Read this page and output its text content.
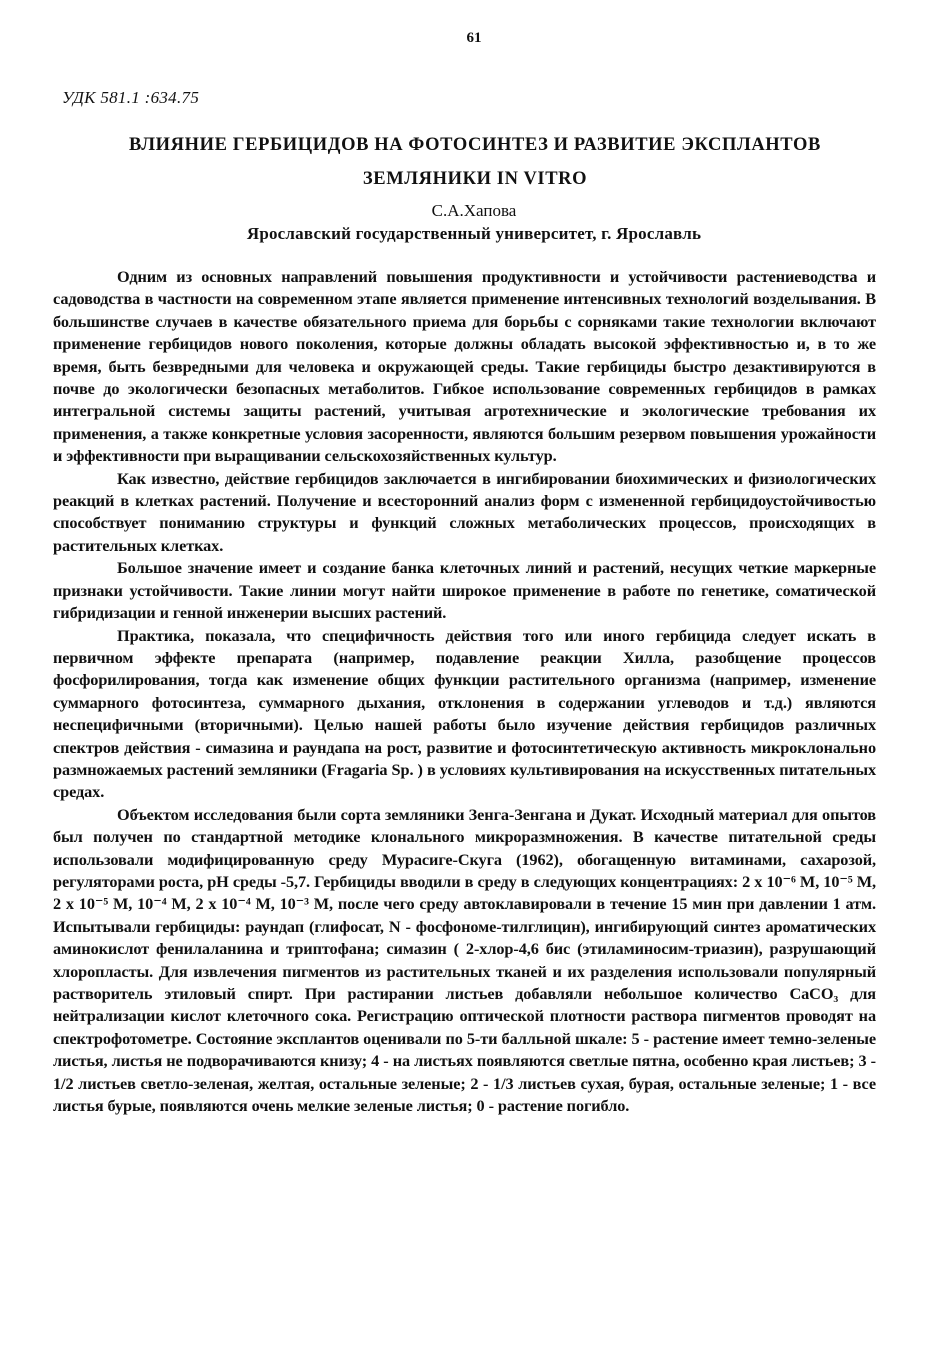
61
УДК 581.1 :634.75
ВЛИЯНИЕ ГЕРБИЦИДОВ НА ФОТОСИНТЕЗ И РАЗВИТИЕ ЭКСПЛАНТОВ
ЗЕМЛЯНИКИ IN VITRO
С.А.Хапова
Ярославский государственный университет, г. Ярославль

Одним из основных направлений повышения продуктивности и устойчивости растениеводства и садоводства в частности на современном этапе является применение интенсивных технологий возделывания. В большинстве случаев в качестве обязательного приема для борьбы с сорняками такие технологии включают применение гербицидов нового поколения, которые должны обладать высокой эффективностью и, в то же время, быть безвредными для человека и окружающей среды. Такие гербициды быстро дезактивируются в почве до экологически безопасных метаболитов. Гибкое использование современных гербицидов в рамках интегральной системы защиты растений, учитывая агротехнические и экологические требования их применения, а также конкретные условия засоренности, являются большим резервом повышения урожайности и эффективности при выращивании сельскохозяйственных культур.

Как известно, действие гербицидов заключается в ингибировании биохимических и физиологических реакций в клетках растений. Получение и всесторонний анализ форм с измененной гербицидоустойчивостью способствует пониманию структуры и функций сложных метаболических процессов, происходящих в растительных клетках.

Большое значение имеет и создание банка клеточных линий и растений, несущих четкие маркерные признаки устойчивости. Такие линии могут найти широкое применение в работе по генетике, соматической гибридизации и генной инженерии высших растений.

Практика, показала, что специфичность действия того или иного гербицида следует искать в первичном эффекте препарата (например, подавление реакции Хилла, разобщение процессов фосфорилирования, тогда как изменение общих функции растительного организма (например, изменение суммарного фотосинтеза, суммарного дыхания, отклонения в содержании углеводов и т.д.) являются неспецифичными (вторичными). Целью нашей работы было изучение действия гербицидов различных спектров действия - симазина и раундапа на рост, развитие и фотосинтетическую активность микроклонально размножаемых растений земляники (Fragaria Sp. ) в условиях культивирования на искусственных питательных средах.

Объектом исследования были сорта земляники Зенга-Зенгана и Дукат. Исходный материал для опытов был получен по стандартной методике клонального микроразмножения. В качестве питательной среды использовали модифицированную среду Мурасиге-Скуга (1962), обогащенную витаминами, сахарозой, регуляторами роста, pH среды -5,7. Гербициды вводили в среду в следующих концентрациях: 2 х 10⁻⁶ М, 10⁻⁵ М, 2 х 10⁻⁵ М, 10⁻⁴ М, 2 х 10⁻⁴ М, 10⁻³ М, после чего среду автоклавировали в течение 15 мин при давлении 1 атм. Испытывали гербициды: раундап (глифосат, N - фосфономе-тилглицин), ингибирующий синтез ароматических аминокислот фенилаланина и триптофана; симазин ( 2-хлор-4,6 бис (этиламиносим-триазин), разрушающий хлоропласты. Для извлечения пигментов из растительных тканей и их разделения использовали популярный растворитель этиловый спирт. При растирании листьев добавляли небольшое количество CaCO₃ для нейтрализации кислот клеточного сока. Регистрацию оптической плотности раствора пигментов проводят на спектрофотометре. Состояние эксплантов оценивали по 5-ти балльной шкале: 5 - растение имеет темно-зеленые листья, листья не подворачиваются книзу; 4 - на листьях появляются светлые пятна, особенно края листьев; 3 - 1/2 листьев светло-зеленая, желтая, остальные зеленые; 2 - 1/3 листьев сухая, бурая, остальные зеленые; 1 - все листья бурые, появляются очень мелкие зеленые листья; 0 - растение погибло.
